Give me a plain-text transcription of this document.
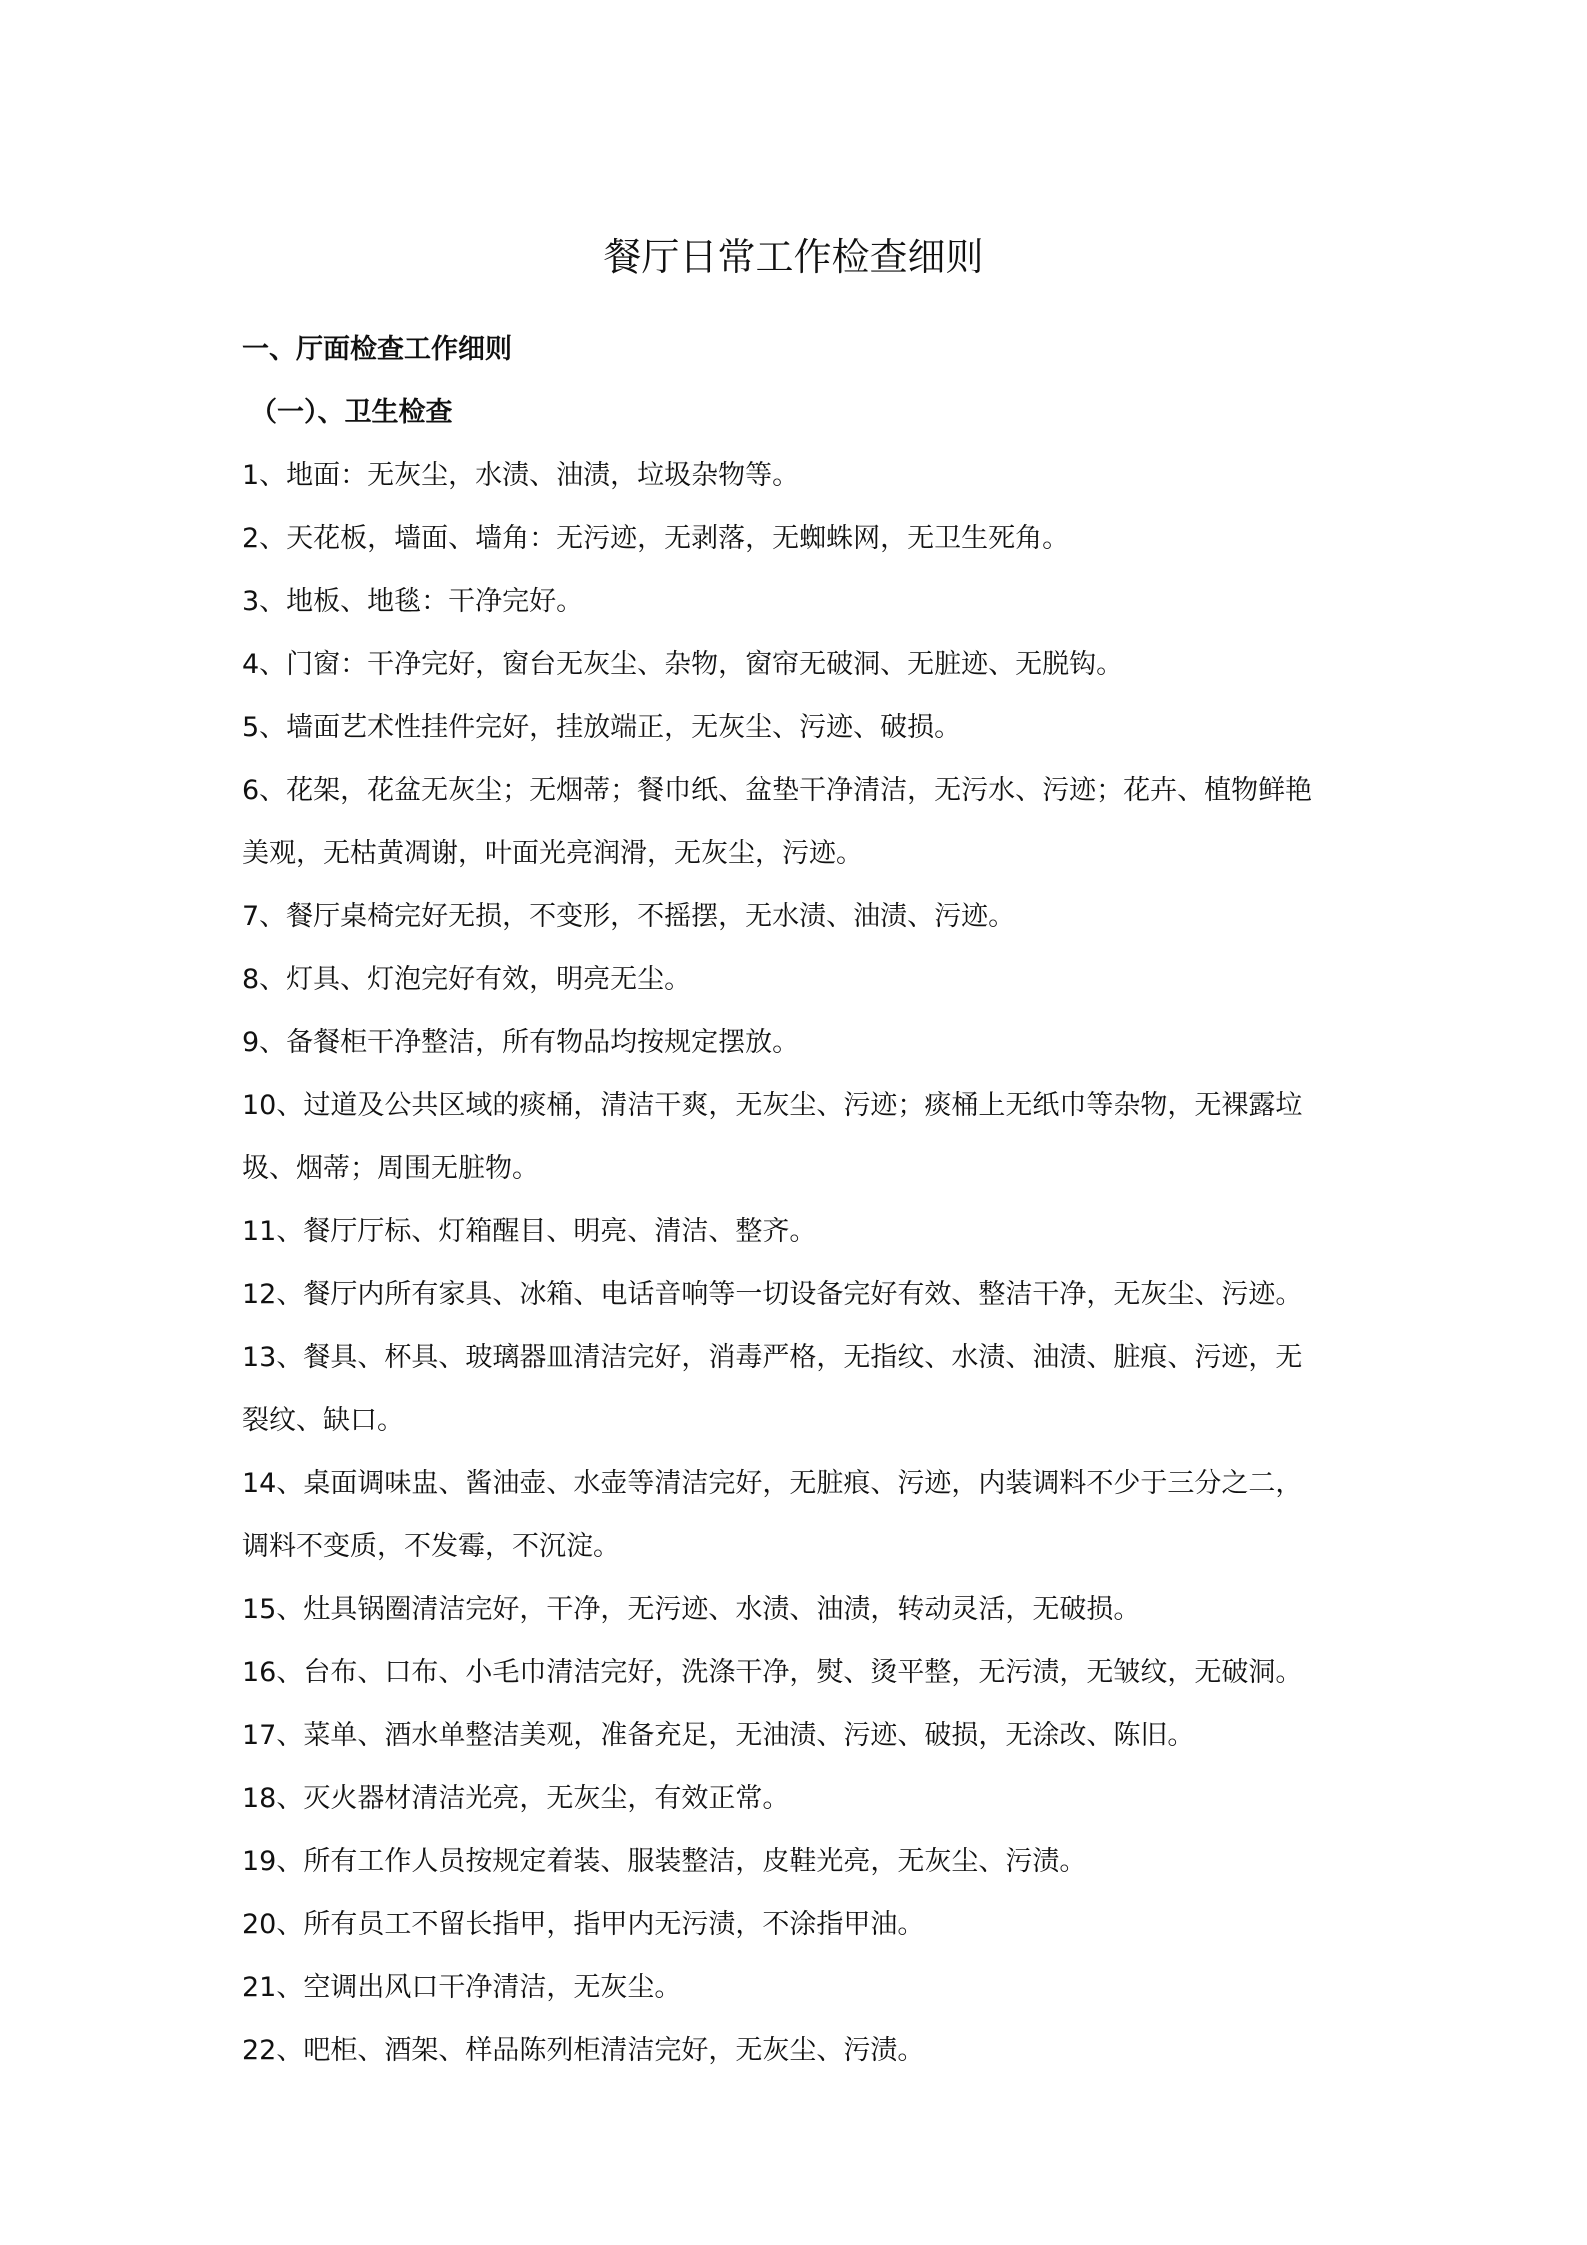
餐厅日常工作检查细则
一、厅面检查工作细则
（一）、卫生检查
1、地面：无灰尘，水渍、油渍，垃圾杂物等。
2、天花板，墙面、墙角：无污迹，无剥落，无蜘蛛网，无卫生死角。
3、地板、地毯：干净完好。
4、门窗：干净完好，窗台无灰尘、杂物，窗帘无破洞、无脏迹、无脱钩。
5、墙面艺术性挂件完好，挂放端正，无灰尘、污迹、破损。
6、花架，花盆无灰尘；无烟蒂；餐巾纸、盆垫干净清洁，无污水、污迹；花卉、植物鲜艳
美观，无枯黄凋谢，叶面光亮润滑，无灰尘，污迹。
7、餐厅桌椅完好无损，不变形，不摇摆，无水渍、油渍、污迹。
8、灯具、灯泡完好有效，明亮无尘。
9、备餐柜干净整洁，所有物品均按规定摆放。
10、过道及公共区域的痰桶，清洁干爽，无灰尘、污迹；痰桶上无纸巾等杂物，无裸露垃
圾、烟蒂；周围无脏物。
11、餐厅厅标、灯箱醒目、明亮、清洁、整齐。
12、餐厅内所有家具、冰箱、电话音响等一切设备完好有效、整洁干净，无灰尘、污迹。
13、餐具、杯具、玻璃器皿清洁完好，消毒严格，无指纹、水渍、油渍、脏痕、污迹，无
裂纹、缺口。
14、桌面调味盅、酱油壶、水壶等清洁完好，无脏痕、污迹，内装调料不少于三分之二，
调料不变质，不发霉，不沉淀。
15、灶具锅圈清洁完好，干净，无污迹、水渍、油渍，转动灵活，无破损。
16、台布、口布、小毛巾清洁完好，洗涤干净，熨、烫平整，无污渍，无皱纹，无破洞。
17、菜单、酒水单整洁美观，准备充足，无油渍、污迹、破损，无涂改、陈旧。
18、灭火器材清洁光亮，无灰尘，有效正常。
19、所有工作人员按规定着装、服装整洁，皮鞋光亮，无灰尘、污渍。
20、所有员工不留长指甲，指甲内无污渍，不涂指甲油。
21、空调出风口干净清洁，无灰尘。
22、吧柜、酒架、样品陈列柜清洁完好，无灰尘、污渍。
